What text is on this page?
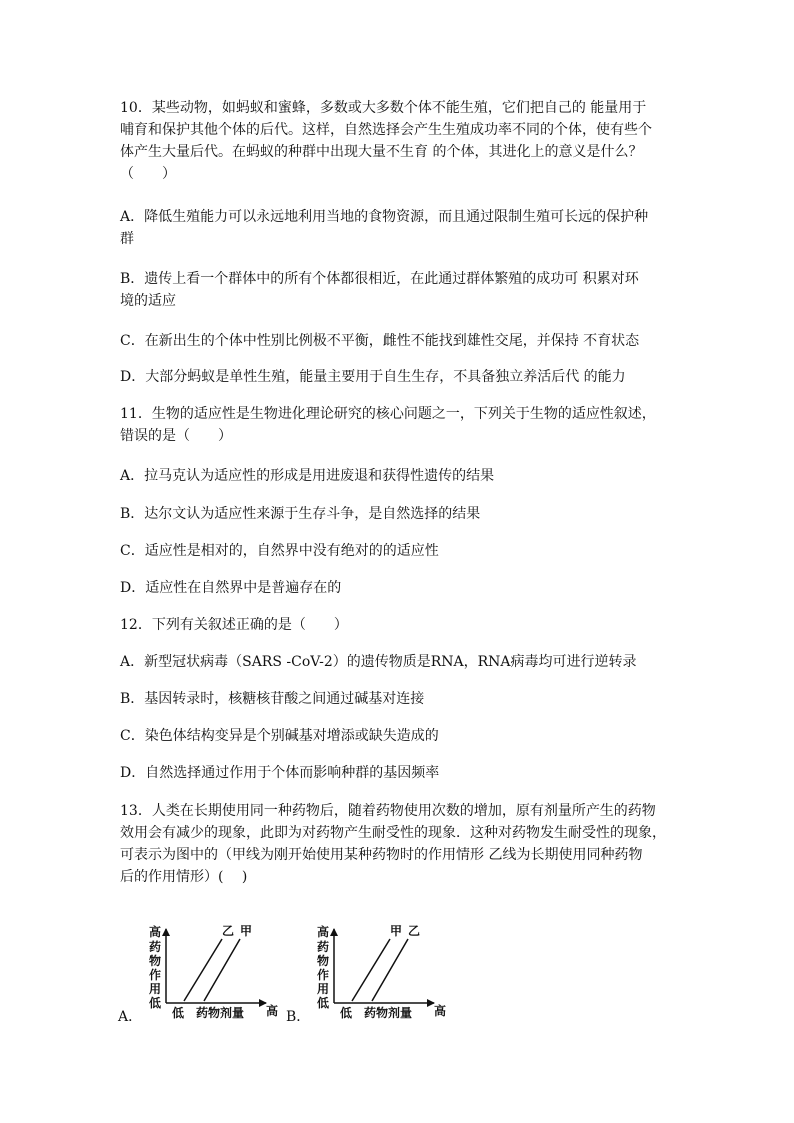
10．某些动物，如蚂蚁和蜜蜂，多数或大多数个体不能生殖，它们把自己的 能量用于
哺育和保护其他个体的后代。这样，自然选择会产生生殖成功率不同的个体，使有些个
体产生大量后代。在蚂蚁的种群中出现大量不生育 的个体，其进化上的意义是什么？
（　　）
A．降低生殖能力可以永远地利用当地的食物资源，而且通过限制生殖可长远的保护种
群
B．遗传上看一个群体中的所有个体都很相近，在此通过群体繁殖的成功可 积累对环
境的适应
C．在新出生的个体中性别比例极不平衡，雌性不能找到雄性交尾，并保持 不育状态
D．大部分蚂蚁是单性生殖，能量主要用于自生生存，不具备独立养活后代 的能力
11．生物的适应性是生物进化理论研究的核心问题之一，下列关于生物的适应性叙述，
错误的是（　　）
A．拉马克认为适应性的形成是用进废退和获得性遗传的结果
B．达尔文认为适应性来源于生存斗争，是自然选择的结果
C．适应性是相对的，自然界中没有绝对的的适应性
D．适应性在自然界中是普遍存在的
12．下列有关叙述正确的是（　　）
A．新型冠状病毒（SARS -CoV-2）的遗传物质是RNA，RNA病毒均可进行逆转录
B．基因转录时，核糖核苷酸之间通过碱基对连接
C．染色体结构变异是个别碱基对增添或缺失造成的
D．自然选择通过作用于个体而影响种群的基因频率
13．人类在长期使用同一种药物后，随着药物使用次数的增加，原有剂量所产生的药物
效用会有减少的现象，此即为对药物产生耐受性的现象．这种对药物发生耐受性的现象，
可表示为图中的（甲线为刚开始使用某种药物时的作用情形 乙线为长期使用同种药物
后的作用情形）(　 )
A．
高
药
物
作
用
低
低 药物剂量 高
乙 甲
B．
高
药
物
作
用
低
低 药物剂量 高
甲 乙
